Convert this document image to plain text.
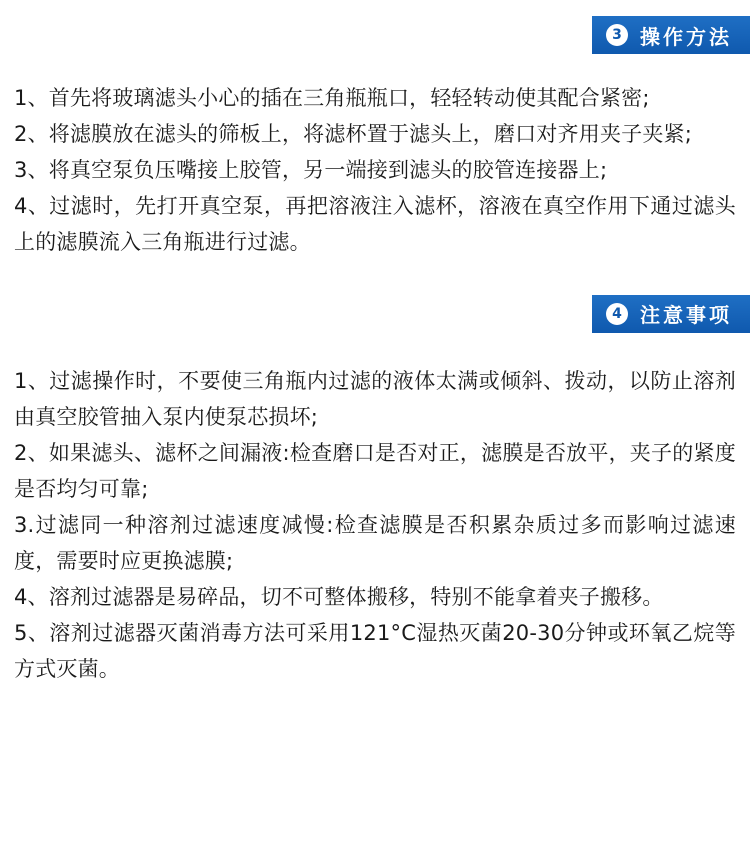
3 操作方法

1、首先将玻璃滤头小心的插在三角瓶瓶口，轻轻转动使其配合紧密;

2、将滤膜放在滤头的筛板上，将滤杯置于滤头上，磨口对齐用夹子夹紧;

3、将真空泵负压嘴接上胶管，另一端接到滤头的胶管连接器上;

4、过滤时，先打开真空泵，再把溶液注入滤杯，溶液在真空作用下通过滤头上的滤膜流入三角瓶进行过滤。

4 注意事项

1、过滤操作时，不要使三角瓶内过滤的液体太满或倾斜、拨动，以防止溶剂由真空胶管抽入泵内使泵芯损坏;

2、如果滤头、滤杯之间漏液:检查磨口是否对正，滤膜是否放平，夹子的紧度是否均匀可靠;

3.过滤同一种溶剂过滤速度减慢:检查滤膜是否积累杂质过多而影响过滤速度，需要时应更换滤膜;

4、溶剂过滤器是易碎品，切不可整体搬移，特别不能拿着夹子搬移。

5、溶剂过滤器灭菌消毒方法可采用121°C湿热灭菌20-30分钟或环氧乙烷等方式灭菌。
